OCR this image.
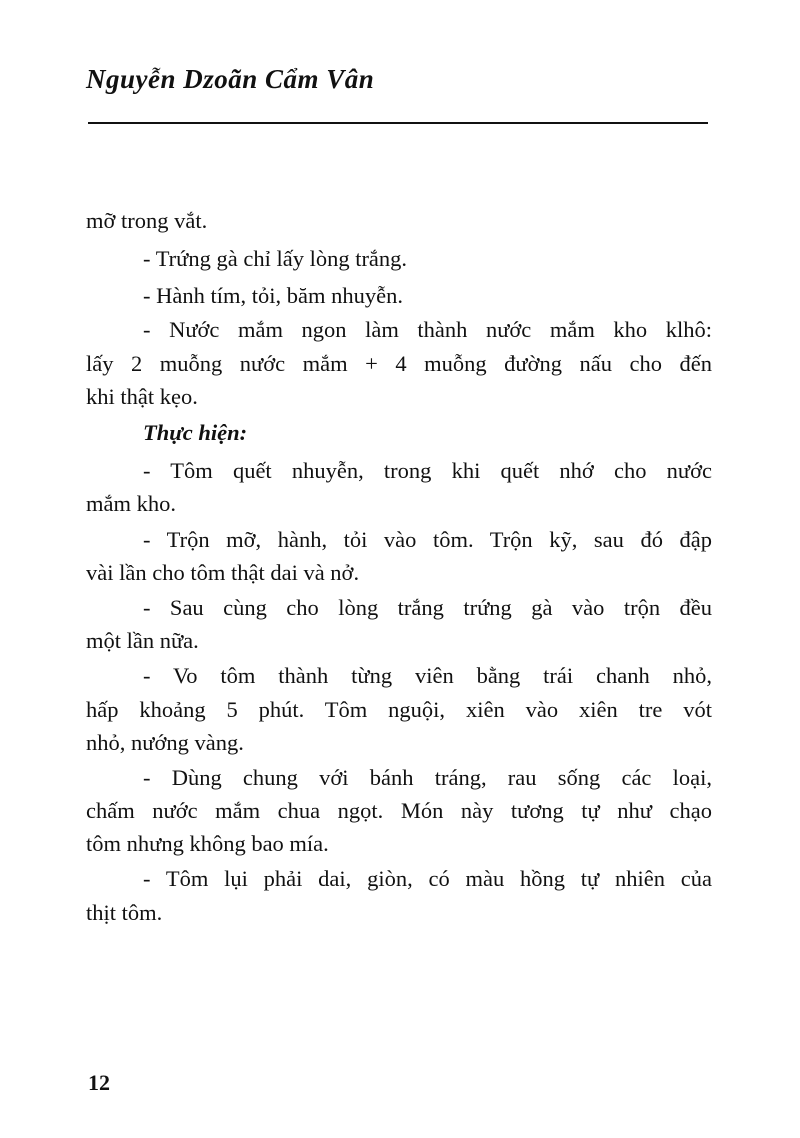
Nguyễn Dzoãn Cẩm Vân
mỡ trong vắt.
- Trứng gà chỉ lấy lòng trắng.
- Hành tím, tỏi, băm nhuyễn.
- Nước mắm ngon làm thành nước mắm kho klhô:
lấy 2 muỗng nước mắm + 4 muỗng đường nấu cho đến
khi thật kẹo.
Thực hiện:
- Tôm quết nhuyễn, trong khi quết nhớ cho nước
mắm kho.
- Trộn mỡ, hành, tỏi vào tôm. Trộn kỹ, sau đó đập
vài lần cho tôm thật dai và nở.
- Sau cùng cho lòng trắng trứng gà vào trộn đều
một lần nữa.
- Vo tôm thành từng viên bằng trái chanh nhỏ,
hấp khoảng 5 phút. Tôm nguội, xiên vào xiên tre vót
nhỏ, nướng vàng.
- Dùng chung với bánh tráng, rau sống các loại,
chấm nước mắm chua ngọt. Món này tương tự như chạo
tôm nhưng không bao mía.
- Tôm lụi phải dai, giòn, có màu hồng tự nhiên của
thịt tôm.
12
